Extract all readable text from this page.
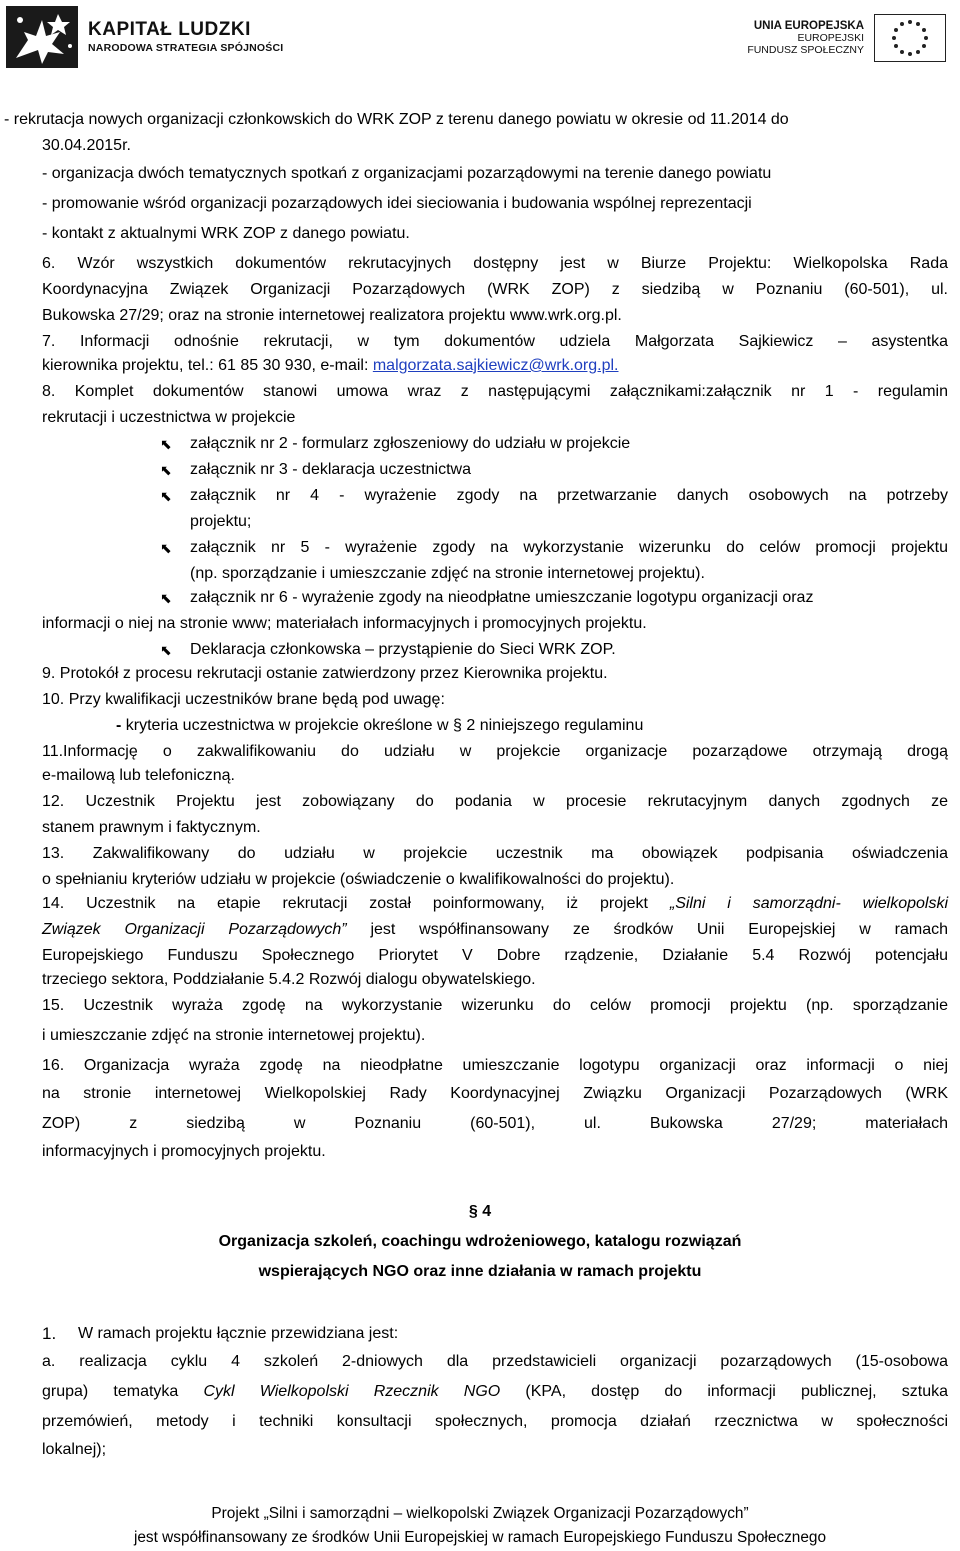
KAPITAŁ LUDZKI
NARODOWA STRATEGIA SPÓJNOŚCI
UNIA EUROPEJSKA
EUROPEJSKI
FUNDUSZ SPOŁECZNY
- rekrutacja nowych organizacji członkowskich do WRK ZOP z terenu danego powiatu w okresie od 11.2014 do
30.04.2015r.
- organizacja dwóch tematycznych spotkań z organizacjami pozarządowymi na terenie danego powiatu
- promowanie wśród organizacji pozarządowych idei sieciowania i budowania wspólnej reprezentacji
- kontakt z aktualnymi WRK ZOP z danego powiatu.
6. Wzór wszystkich dokumentów rekrutacyjnych dostępny jest w Biurze Projektu: Wielkopolska Rada
Koordynacyjna Związek Organizacji Pozarządowych (WRK ZOP) z siedzibą w Poznaniu (60-501), ul.
Bukowska 27/29; oraz na stronie internetowej realizatora projektu www.wrk.org.pl.
7. Informacji odnośnie rekrutacji, w tym dokumentów udziela Małgorzata Sajkiewicz – asystentka
kierownika projektu, tel.: 61 85 30 930, e-mail: malgorzata.sajkiewicz@wrk.org.pl.
8. Komplet dokumentów stanowi umowa wraz z następującymi załącznikami:załącznik nr 1 - regulamin
rekrutacji i uczestnictwa w projekcie
⬉ załącznik nr 2 - formularz zgłoszeniowy do udziału w projekcie
⬉ załącznik nr 3 - deklaracja uczestnictwa
⬉ załącznik nr 4 - wyrażenie zgody na przetwarzanie danych osobowych na potrzeby
projektu;
⬉ załącznik nr 5 - wyrażenie zgody na wykorzystanie wizerunku do celów promocji projektu
(np. sporządzanie i umieszczanie zdjęć na stronie internetowej projektu).
⬉ załącznik nr 6 - wyrażenie zgody na nieodpłatne umieszczanie logotypu organizacji oraz
informacji o niej na stronie www; materiałach informacyjnych i promocyjnych projektu.
⬉ Deklaracja członkowska – przystąpienie do Sieci WRK ZOP.
9. Protokół z procesu rekrutacji ostanie zatwierdzony przez Kierownika projektu.
10. Przy kwalifikacji uczestników brane będą pod uwagę:
- kryteria uczestnictwa w projekcie określone w § 2 niniejszego regulaminu
11.Informację o zakwalifikowaniu do udziału w projekcie organizacje pozarządowe otrzymają drogą
e-mailową lub telefoniczną.
12. Uczestnik Projektu jest zobowiązany do podania w procesie rekrutacyjnym danych zgodnych ze
stanem prawnym i faktycznym.
13. Zakwalifikowany do udziału w projekcie uczestnik ma obowiązek podpisania oświadczenia
o spełnianiu kryteriów udziału w projekcie (oświadczenie o kwalifikowalności do projektu).
14. Uczestnik na etapie rekrutacji został poinformowany, iż projekt „Silni i samorządni- wielkopolski
Związek Organizacji Pozarządowych” jest współfinansowany ze środków Unii Europejskiej w ramach
Europejskiego Funduszu Społecznego Priorytet V Dobre rządzenie, Działanie 5.4 Rozwój potencjału
trzeciego sektora, Poddziałanie 5.4.2 Rozwój dialogu obywatelskiego.
15. Uczestnik wyraża zgodę na wykorzystanie wizerunku do celów promocji projektu (np. sporządzanie
i umieszczanie zdjęć na stronie internetowej projektu).
16. Organizacja wyraża zgodę na nieodpłatne umieszczanie logotypu organizacji oraz informacji o niej
na stronie internetowej Wielkopolskiej Rady Koordynacyjnej Związku Organizacji Pozarządowych (WRK
ZOP) z siedzibą w Poznaniu (60-501), ul. Bukowska 27/29; materiałach
informacyjnych i promocyjnych projektu.
§ 4
Organizacja szkoleń, coachingu wdrożeniowego, katalogu rozwiązań
wspierających NGO oraz inne działania w ramach projektu
1. W ramach projektu łącznie przewidziana jest:
a. realizacja cyklu 4 szkoleń 2-dniowych dla przedstawicieli organizacji pozarządowych (15-osobowa
grupa) tematyka Cykl Wielkopolski Rzecznik NGO (KPA, dostęp do informacji publicznej, sztuka
przemówień, metody i techniki konsultacji społecznych, promocja działań rzecznictwa w społeczności
lokalnej);
Projekt „Silni i samorządni – wielkopolski Związek Organizacji Pozarządowych”
jest współfinansowany ze środków Unii Europejskiej w ramach Europejskiego Funduszu Społecznego
